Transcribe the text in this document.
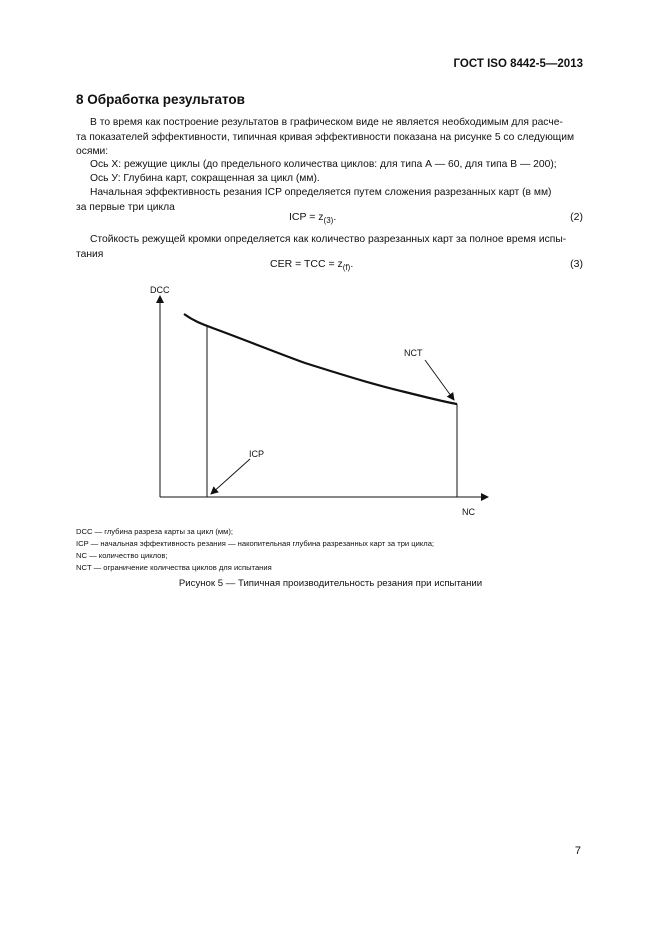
ГОСТ ISO 8442-5—2013
8 Обработка результатов
В то время как построение результатов в графическом виде не является необходимым для расче-
та показателей эффективности, типичная кривая эффективности показана на рисунке 5 со следующим
осями:
Ось X: режущие циклы (до предельного количества циклов: для типа А — 60, для типа В — 200);
Ось У: Глубина карт, сокращенная за цикл (мм).
Начальная эффективность резания ICP определяется путем сложения разрезанных карт (в мм)
за первые три цикла
ICP = $z_{(3)}$.	(2)
Стойкость режущей кромки определяется как количество разрезанных карт за полное время испы-
тания
CER = TCC = $z_{(f)}$.	(3)
DCC
NC
ICP
NCT
DCC — глубина разреза карты за цикл (мм);
ICP — начальная эффективность резания — накопительная глубина разрезанных карт за три цикла;
NC — количество циклов;
NCT — ограничение количества циклов для испытания
Рисунок 5 — Типичная производительность резания при испытании
7
